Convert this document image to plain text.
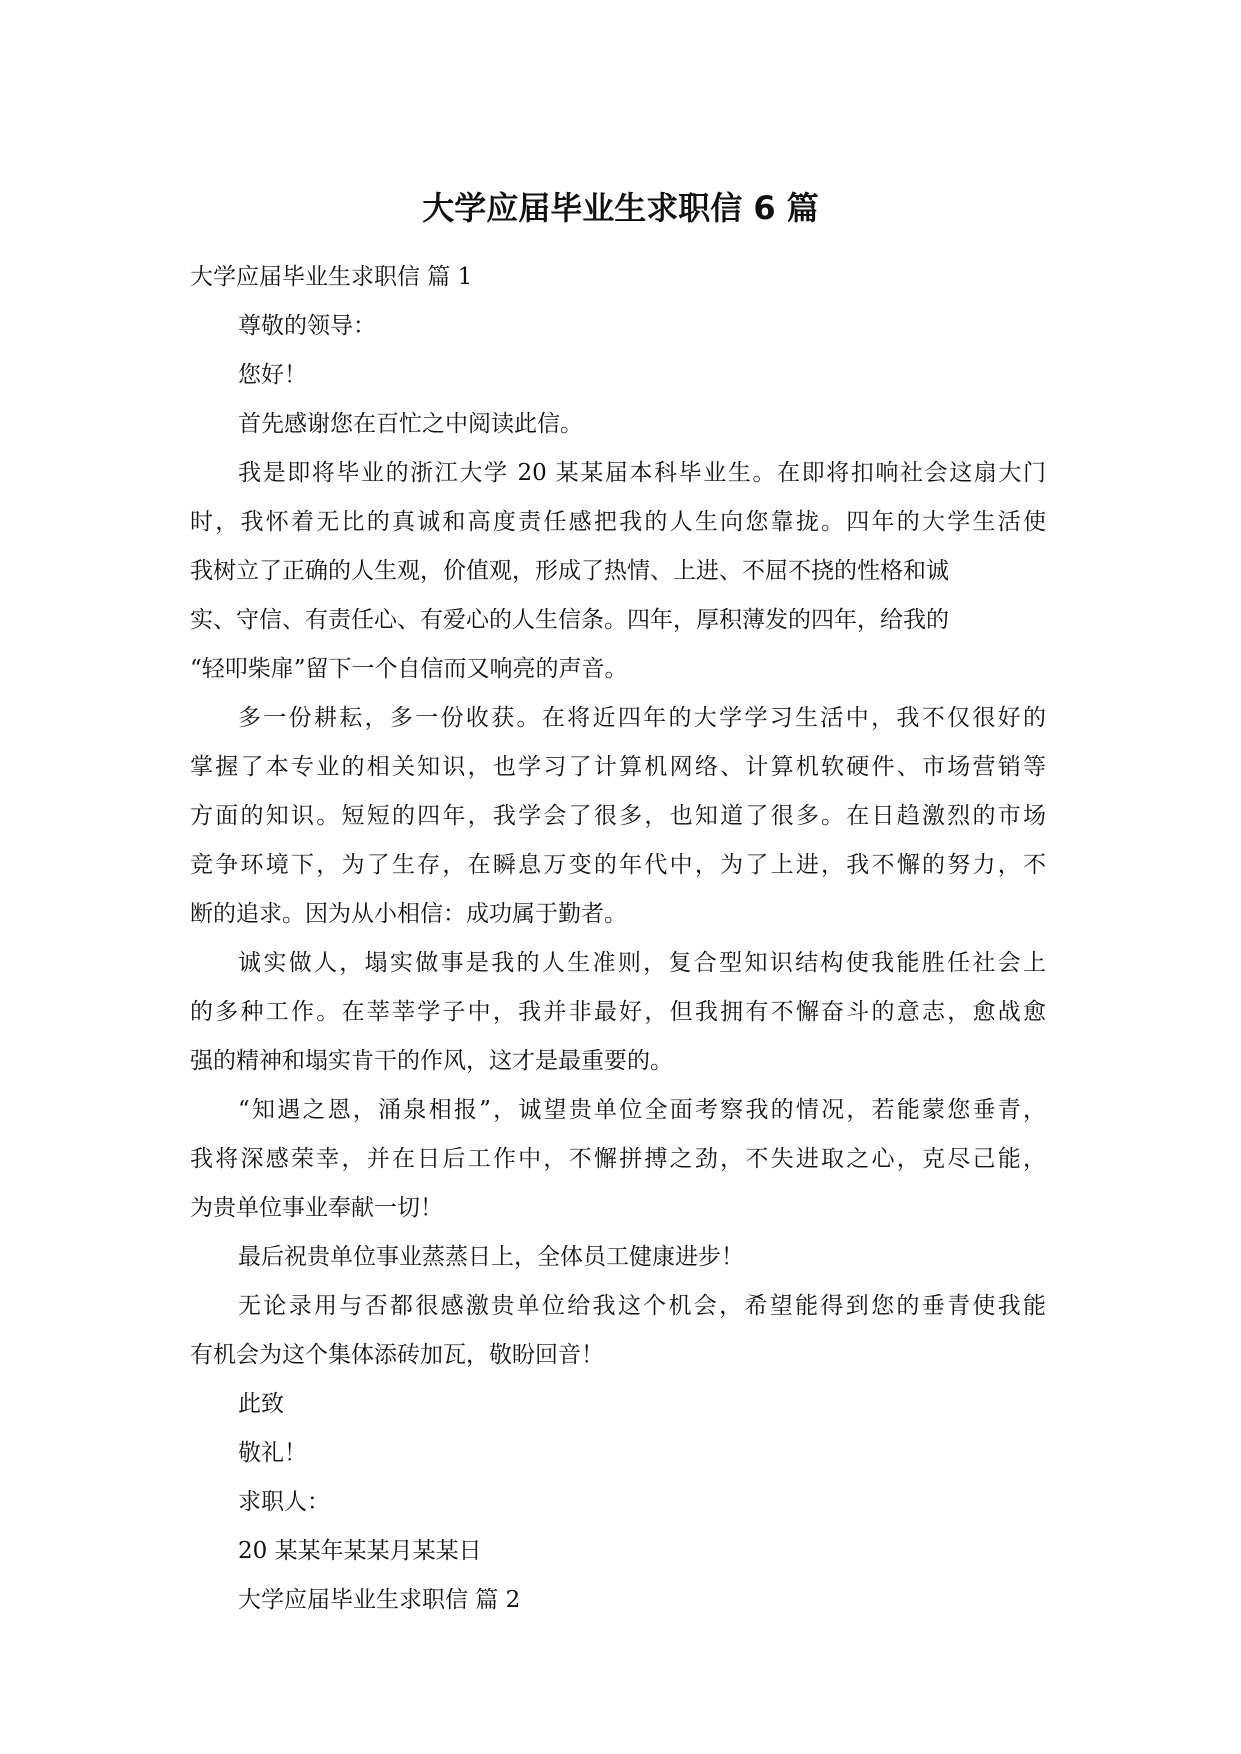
大学应届毕业生求职信 6 篇
大学应届毕业生求职信 篇 1
尊敬的领导：
您好！
首先感谢您在百忙之中阅读此信。
我是即将毕业的浙江大学 20 某某届本科毕业生。在即将扣响社会这扇大门
时，我怀着无比的真诚和高度责任感把我的人生向您靠拢。四年的大学生活使
我树立了正确的人生观，价值观，形成了热情、上进、不屈不挠的性格和诚
实、守信、有责任心、有爱心的人生信条。四年，厚积薄发的四年，给我的
“轻叩柴扉”留下一个自信而又响亮的声音。
多一份耕耘，多一份收获。在将近四年的大学学习生活中，我不仅很好的
掌握了本专业的相关知识，也学习了计算机网络、计算机软硬件、市场营销等
方面的知识。短短的四年，我学会了很多，也知道了很多。在日趋激烈的市场
竞争环境下，为了生存，在瞬息万变的年代中，为了上进，我不懈的努力，不
断的追求。因为从小相信：成功属于勤者。
诚实做人，塌实做事是我的人生准则，复合型知识结构使我能胜任社会上
的多种工作。在莘莘学子中，我并非最好，但我拥有不懈奋斗的意志，愈战愈
强的精神和塌实肯干的作风，这才是最重要的。
“知遇之恩，涌泉相报”，诚望贵单位全面考察我的情况，若能蒙您垂青，
我将深感荣幸，并在日后工作中，不懈拼搏之劲，不失进取之心，克尽己能，
为贵单位事业奉献一切！
最后祝贵单位事业蒸蒸日上，全体员工健康进步！
无论录用与否都很感激贵单位给我这个机会，希望能得到您的垂青使我能
有机会为这个集体添砖加瓦，敬盼回音！
此致
敬礼！
求职人：
20 某某年某某月某某日
大学应届毕业生求职信 篇 2
